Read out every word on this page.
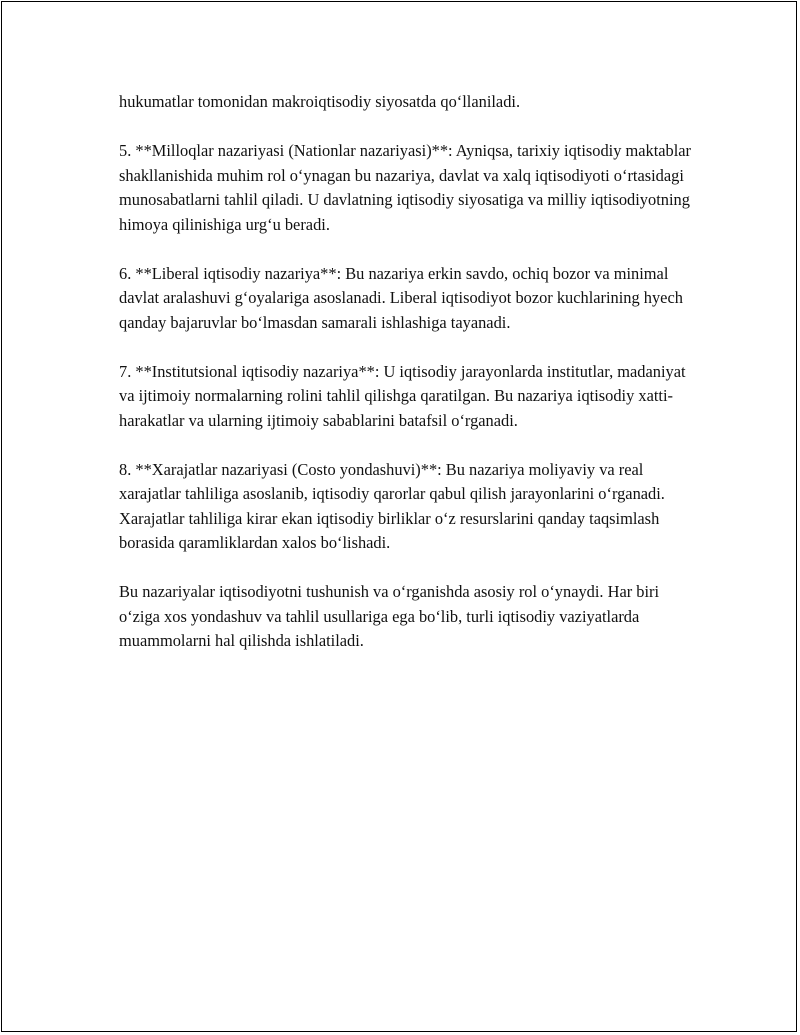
hukumatlar tomonidan makroiqtisodiy siyosatda qo‘llaniladi.

5. **Milloqlar nazariyasi (Nationlar nazariyasi)**: Ayniqsa, tarixiy iqtisodiy maktablar shakllanishida muhim rol o‘ynagan bu nazariya, davlat va xalq iqtisodiyoti o‘rtasidagi munosabatlarni tahlil qiladi. U davlatning iqtisodiy siyosatiga va milliy iqtisodiyotning himoya qilinishiga urg‘u beradi.

6. **Liberal iqtisodiy nazariya**: Bu nazariya erkin savdo, ochiq bozor va minimal davlat aralashuvi g‘oyalariga asoslanadi. Liberal iqtisodiyot bozor kuchlarining hyech qanday bajaruvlar bo‘lmasdan samarali ishlashiga tayanadi.

7. **Institutsional iqtisodiy nazariya**: U iqtisodiy jarayonlarda institutlar, madaniyat va ijtimoiy normalarning rolini tahlil qilishga qaratilgan. Bu nazariya iqtisodiy xatti-harakatlar va ularning ijtimoiy sabablarini batafsil o‘rganadi.

8. **Xarajatlar nazariyasi (Costo yondashuvi)**: Bu nazariya moliyaviy va real xarajatlar tahliliga asoslanib, iqtisodiy qarorlar qabul qilish jarayonlarini o‘rganadi. Xarajatlar tahliliga kirar ekan iqtisodiy birliklar o‘z resurslarini qanday taqsimlash borasida qaramliklardan xalos bo‘lishadi.

Bu nazariyalar iqtisodiyotni tushunish va o‘rganishda asosiy rol o‘ynaydi. Har biri o‘ziga xos yondashuv va tahlil usullariga ega bo‘lib, turli iqtisodiy vaziyatlarda muammolarni hal qilishda ishlatiladi.
